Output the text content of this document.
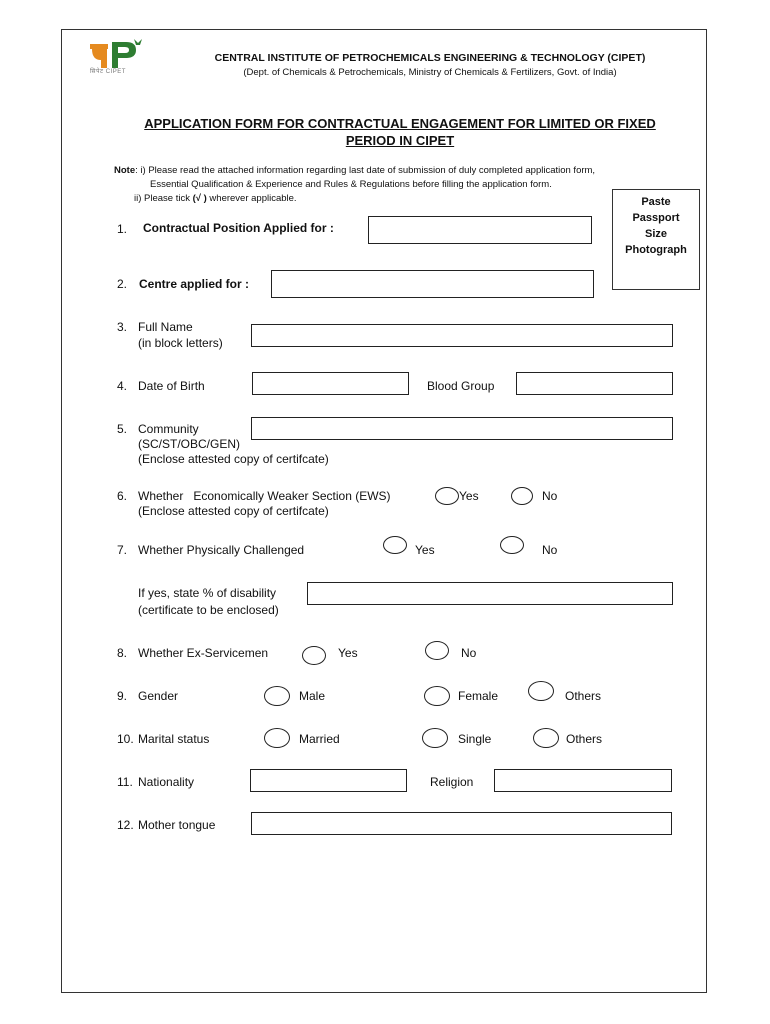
सिपेट CIPET
CENTRAL INSTITUTE OF PETROCHEMICALS ENGINEERING & TECHNOLOGY (CIPET)
(Dept. of Chemicals & Petrochemicals, Ministry of Chemicals & Fertilizers, Govt. of India)
APPLICATION FORM FOR CONTRACTUAL ENGAGEMENT FOR LIMITED OR FIXED
PERIOD IN CIPET
Note: i) Please read the attached information regarding last date of submission of duly completed application form,
Essential Qualification & Experience and Rules & Regulations before filling the application form.
ii) Please tick (√ ) wherever applicable.	Paste
Passport
Size
Photograph
1. Contractual Position Applied for :
2. Centre applied for :
3. Full Name
(in block letters)
4. Date of Birth	Blood Group
5. Community
(SC/ST/OBC/GEN)
(Enclose attested copy of certifcate)
6. Whether   Economically Weaker Section (EWS)
(Enclose attested copy of certifcate)
Yes	No
7. Whether Physically Challenged	Yes	No
If yes, state % of disability
(certificate to be enclosed)
8. Whether Ex-Servicemen	Yes	No
9. Gender	Male	Female	Others
10. Marital status	Married	Single	Others
11. Nationality	Religion
12. Mother tongue
